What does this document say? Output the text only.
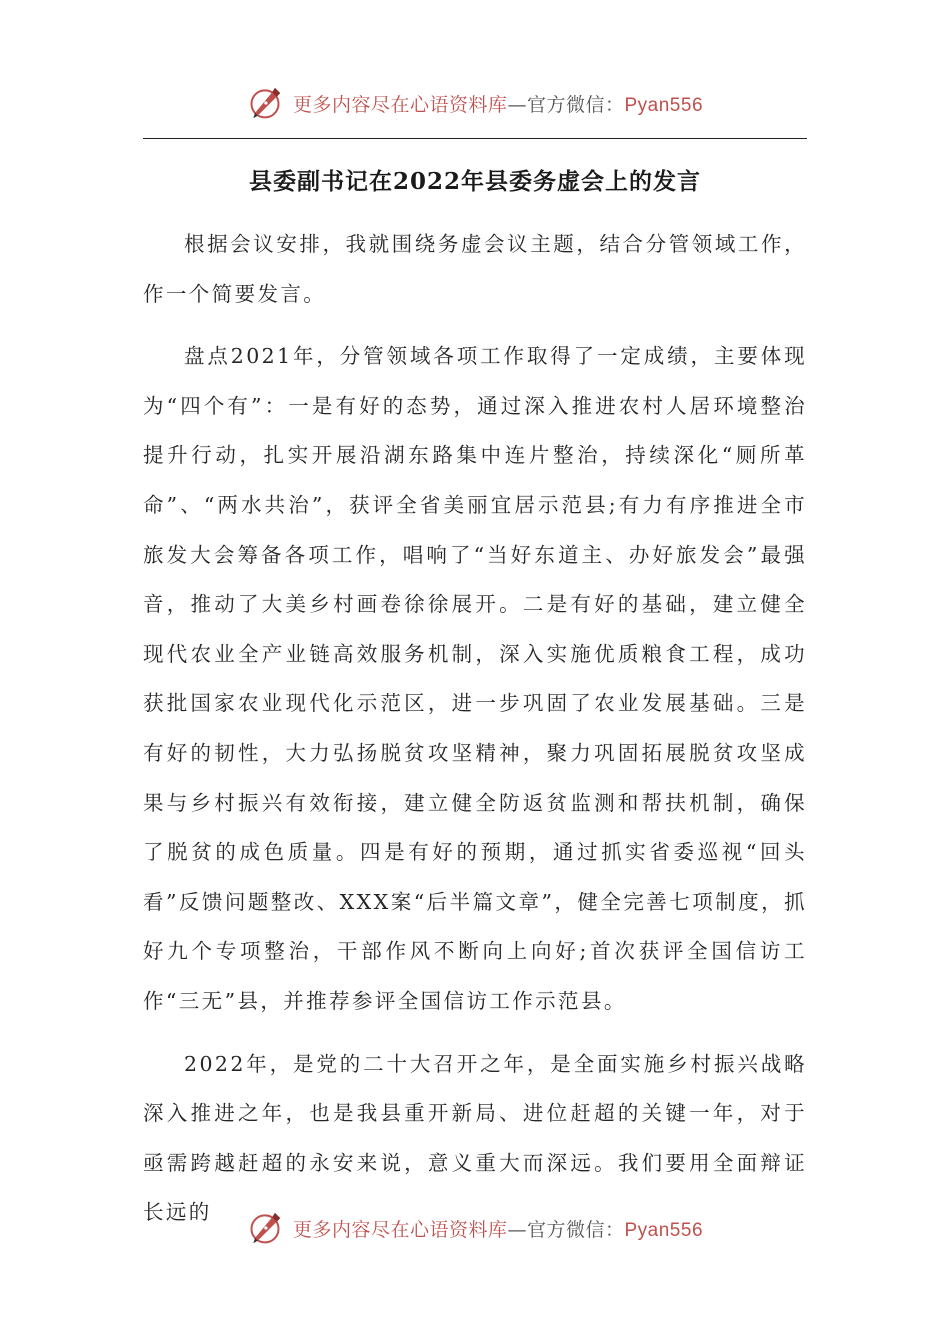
更多内容尽在心语资料库—官方微信：Pyan556
县委副书记在2022年县委务虚会上的发言

根据会议安排，我就围绕务虚会议主题，结合分管领域工作，作一个简要发言。

盘点2021年，分管领域各项工作取得了一定成绩，主要体现为“四个有”：一是有好的态势，通过深入推进农村人居环境整治提升行动，扎实开展沿湖东路集中连片整治，持续深化“厕所革命”、“两水共治”，获评全省美丽宜居示范县;有力有序推进全市旅发大会筹备各项工作，唱响了“当好东道主、办好旅发会”最强音，推动了大美乡村画卷徐徐展开。二是有好的基础，建立健全现代农业全产业链高效服务机制，深入实施优质粮食工程，成功获批国家农业现代化示范区，进一步巩固了农业发展基础。三是有好的韧性，大力弘扬脱贫攻坚精神，聚力巩固拓展脱贫攻坚成果与乡村振兴有效衔接，建立健全防返贫监测和帮扶机制，确保了脱贫的成色质量。四是有好的预期，通过抓实省委巡视“回头看”反馈问题整改、XXX案“后半篇文章”，健全完善七项制度，抓好九个专项整治，干部作风不断向上向好;首次获评全国信访工作“三无”县，并推荐参评全国信访工作示范县。

2022年，是党的二十大召开之年，是全面实施乡村振兴战略深入推进之年，也是我县重开新局、进位赶超的关键一年，对于亟需跨越赶超的永安来说，意义重大而深远。我们要用全面辩证长远的

更多内容尽在心语资料库—官方微信：Pyan556
